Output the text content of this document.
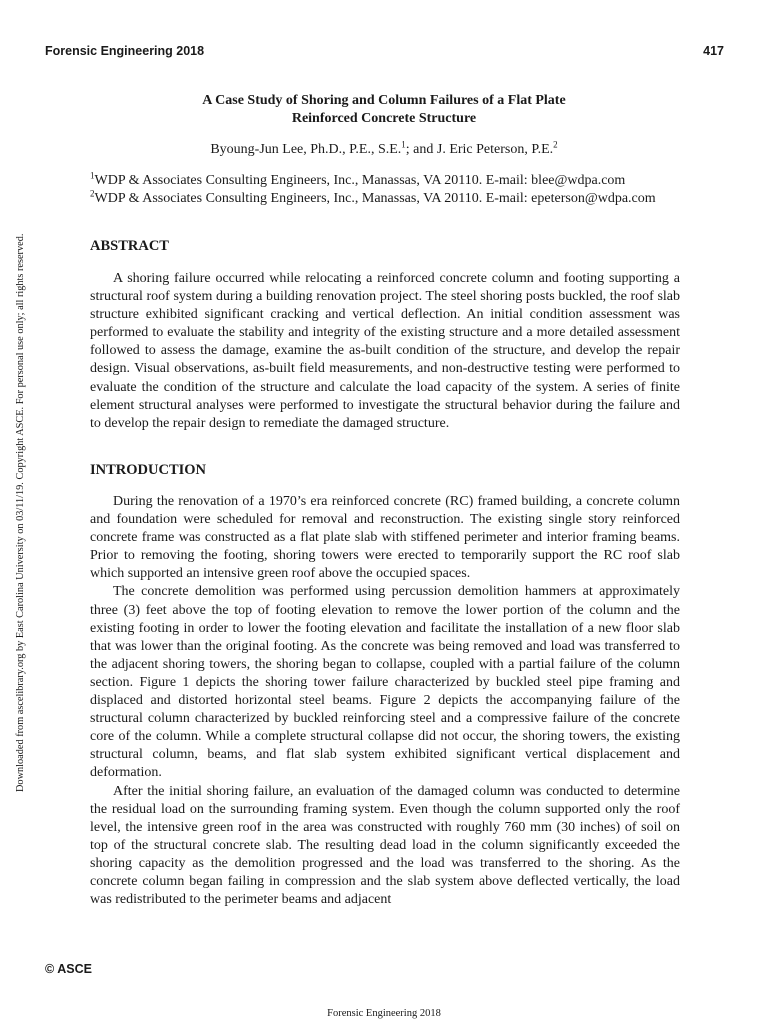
Forensic Engineering 2018	417
Downloaded from ascelibrary.org by East Carolina University on 03/11/19. Copyright ASCE. For personal use only; all rights reserved.
A Case Study of Shoring and Column Failures of a Flat Plate
Reinforced Concrete Structure
Byoung-Jun Lee, Ph.D., P.E., S.E.$^1$; and J. Eric Peterson, P.E.$^2$
$^1$WDP & Associates Consulting Engineers, Inc., Manassas, VA 20110. E-mail: blee@wdpa.com
$^2$WDP & Associates Consulting Engineers, Inc., Manassas, VA 20110. E-mail: epeterson@wdpa.com
ABSTRACT

A shoring failure occurred while relocating a reinforced concrete column and footing supporting a structural roof system during a building renovation project. The steel shoring posts buckled, the roof slab structure exhibited significant cracking and vertical deflection. An initial condition assessment was performed to evaluate the stability and integrity of the existing structure and a more detailed assessment followed to assess the damage, examine the as-built condition of the structure, and develop the repair design. Visual observations, as-built field measurements, and non-destructive testing were performed to evaluate the condition of the structure and calculate the load capacity of the system. A series of finite element structural analyses were performed to investigate the structural behavior during the failure and to develop the repair design to remediate the damaged structure.

INTRODUCTION

During the renovation of a 1970’s era reinforced concrete (RC) framed building, a concrete column and foundation were scheduled for removal and reconstruction. The existing single story reinforced concrete frame was constructed as a flat plate slab with stiffened perimeter and interior framing beams. Prior to removing the footing, shoring towers were erected to temporarily support the RC roof slab which supported an intensive green roof above the occupied spaces.

The concrete demolition was performed using percussion demolition hammers at approximately three (3) feet above the top of footing elevation to remove the lower portion of the column and the existing footing in order to lower the footing elevation and facilitate the installation of a new floor slab that was lower than the original footing. As the concrete was being removed and load was transferred to the adjacent shoring towers, the shoring began to collapse, coupled with a partial failure of the column section. Figure 1 depicts the shoring tower failure characterized by buckled steel pipe framing and displaced and distorted horizontal steel beams. Figure 2 depicts the accompanying failure of the structural column characterized by buckled reinforcing steel and a compressive failure of the concrete core of the column. While a complete structural collapse did not occur, the shoring towers, the existing structural column, beams, and flat slab system exhibited significant vertical displacement and deformation.

After the initial shoring failure, an evaluation of the damaged column was conducted to determine the residual load on the surrounding framing system. Even though the column supported only the roof level, the intensive green roof in the area was constructed with roughly 760 mm (30 inches) of soil on top of the structural concrete slab. The resulting dead load in the column significantly exceeded the shoring capacity as the demolition progressed and the load was transferred to the shoring. As the concrete column began failing in compression and the slab system above deflected vertically, the load was redistributed to the perimeter beams and adjacent

© ASCE
Forensic Engineering 2018
